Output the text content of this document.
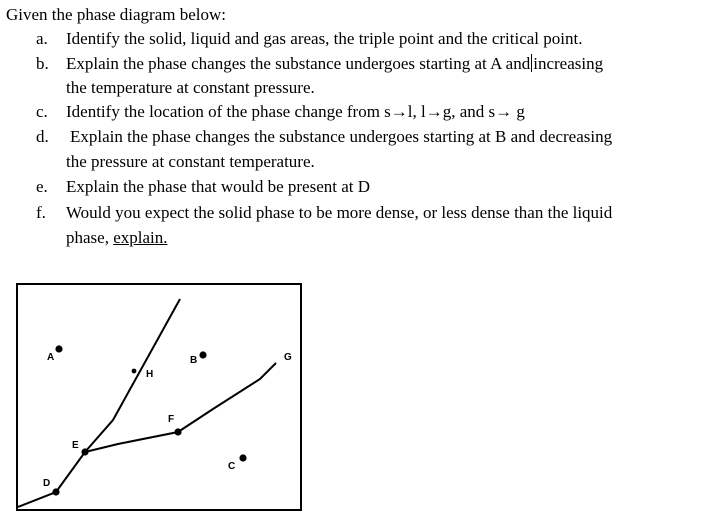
Given the phase diagram below:
a. Identify the solid, liquid and gas areas, the triple point and the critical point.
b. Explain the phase changes the substance undergoes starting at A and increasing
the temperature at constant pressure.
c. Identify the location of the phase change from s→l, l→g, and s→ g
d. Explain the phase changes the substance undergoes starting at B and decreasing
the pressure at constant temperature.
e. Explain the phase that would be present at D
f. Would you expect the solid phase to be more dense, or less dense than the liquid
phase, explain.
A	B
C
D
E
F
G
H
